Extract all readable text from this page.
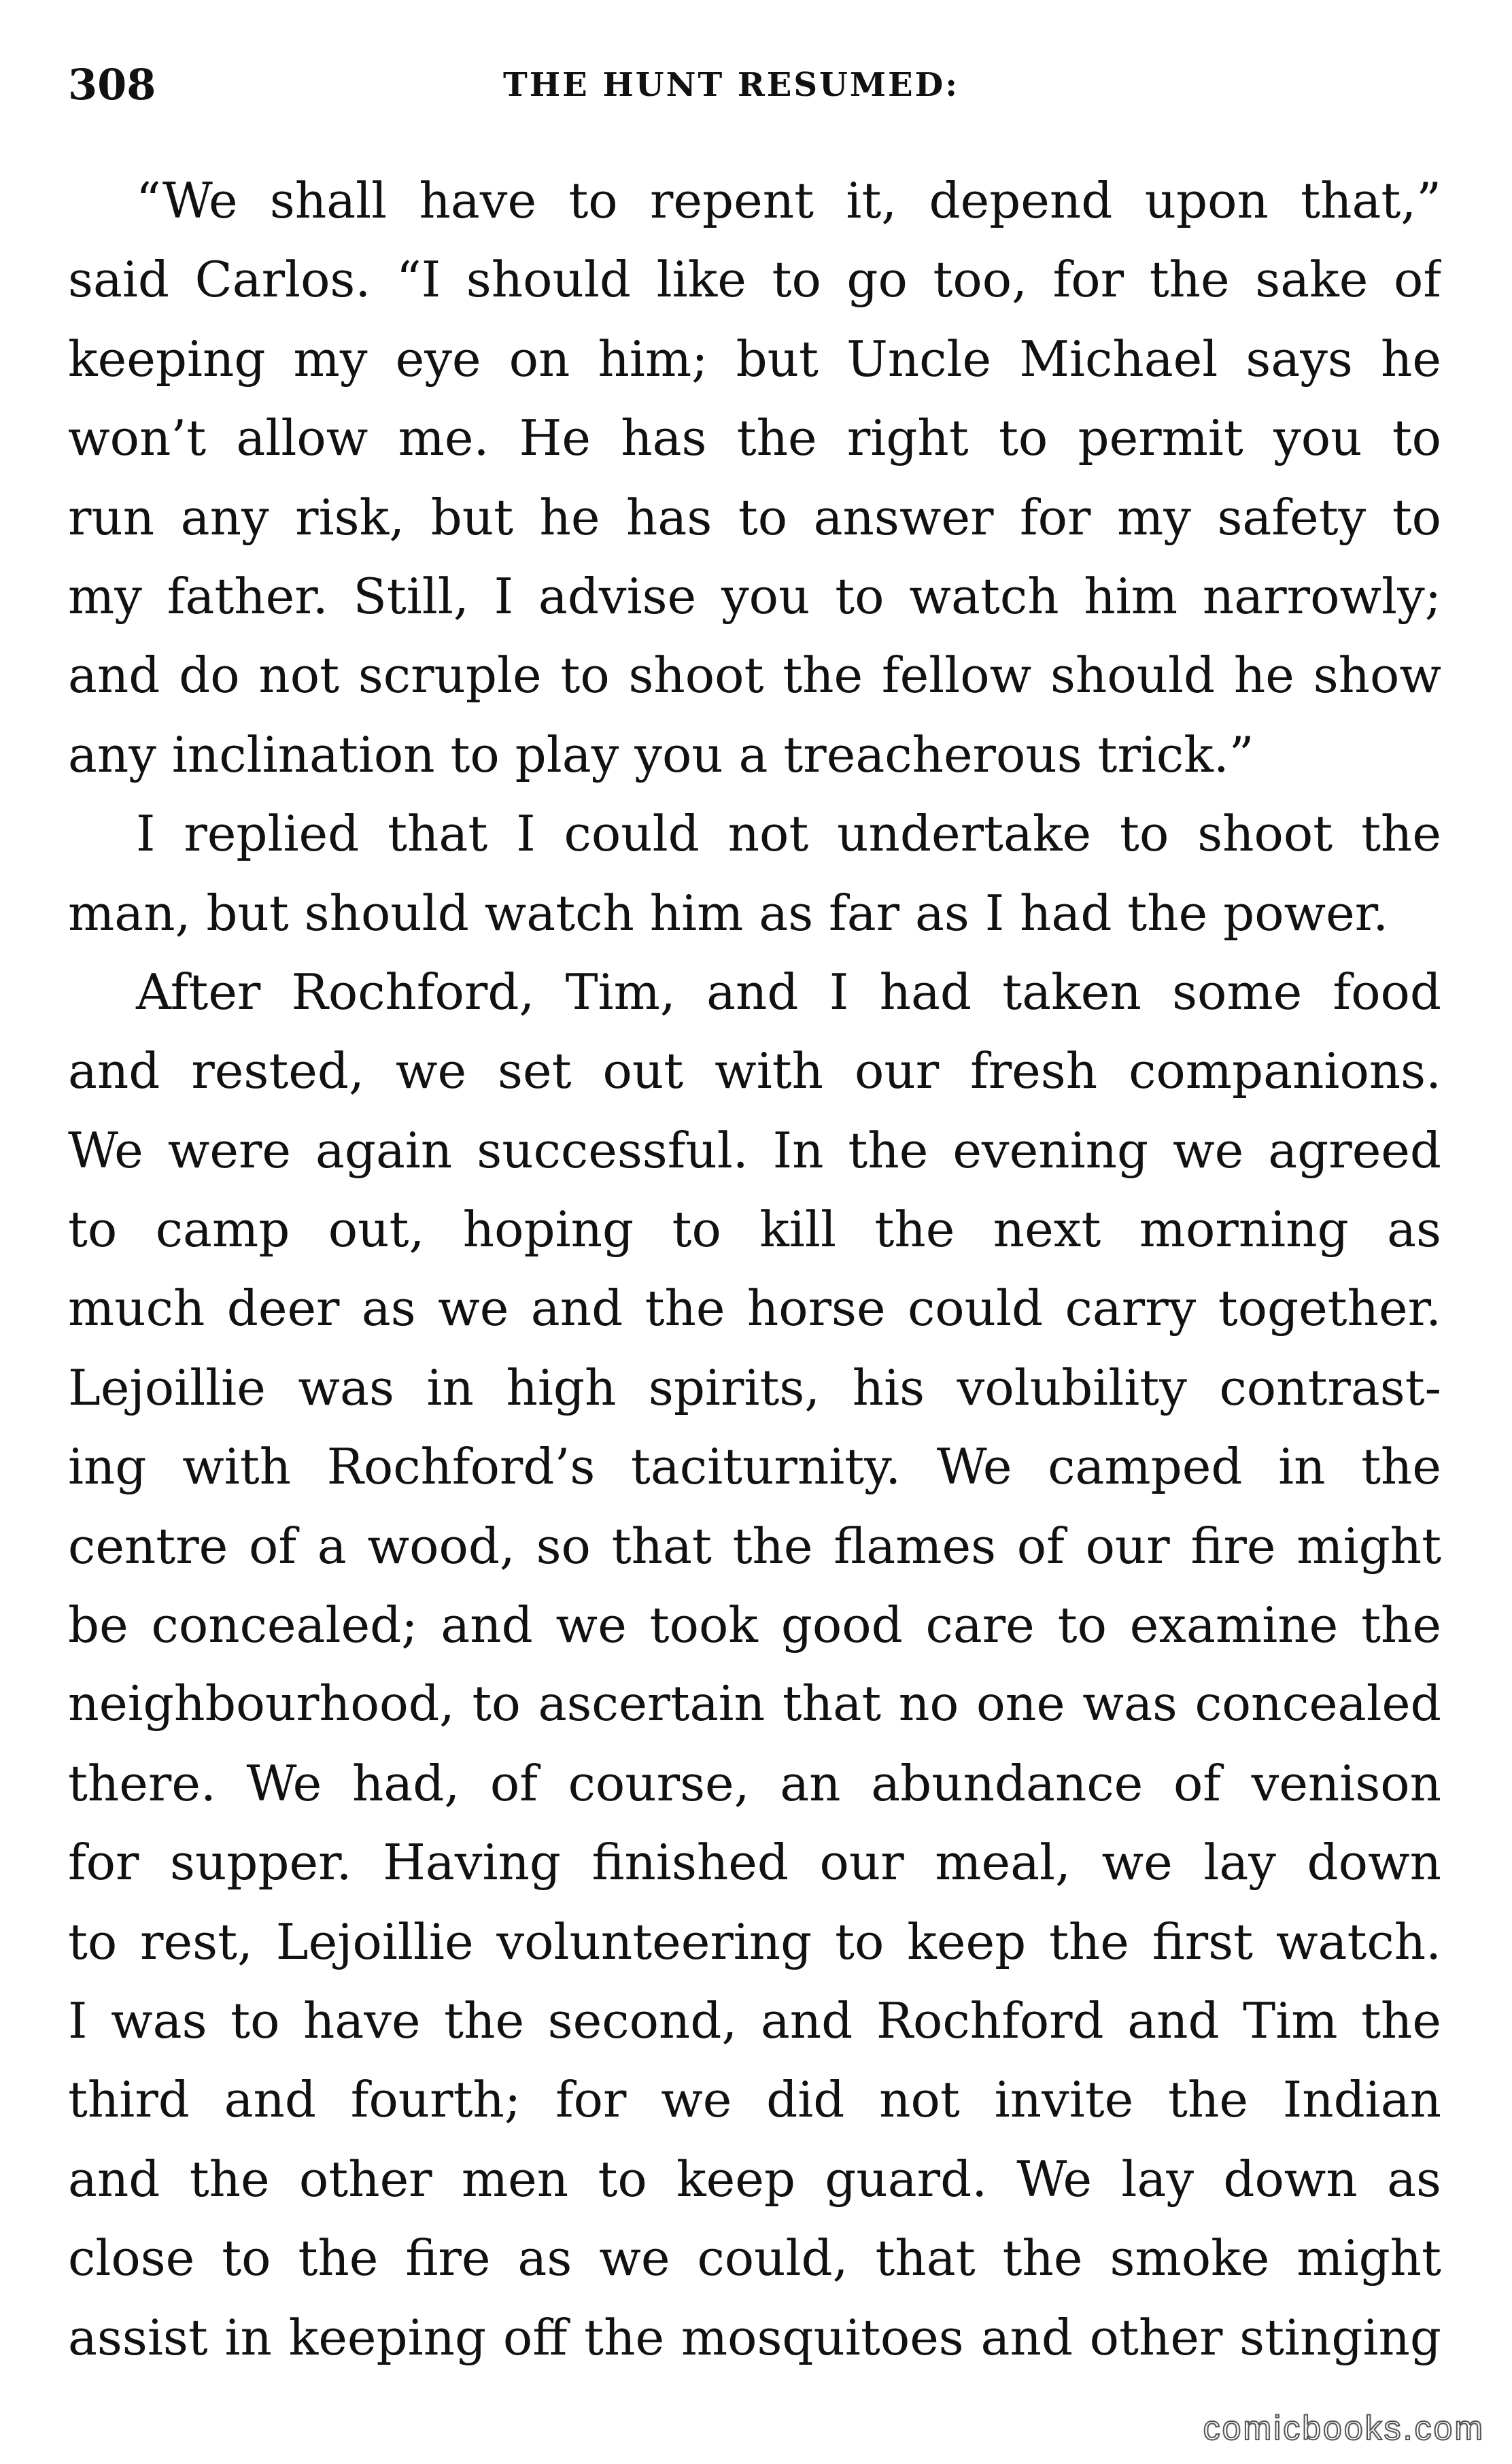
308	THE HUNT RESUMED:
“We shall have to repent it, depend upon that,”
said Carlos. “I should like to go too, for the sake of
keeping my eye on him; but Uncle Michael says he
won’t allow me. He has the right to permit you to
run any risk, but he has to answer for my safety to
my father. Still, I advise you to watch him narrowly;
and do not scruple to shoot the fellow should he show
any inclination to play you a treacherous trick.”
I replied that I could not undertake to shoot the
man, but should watch him as far as I had the power.
After Rochford, Tim, and I had taken some food
and rested, we set out with our fresh companions.
We were again successful. In the evening we agreed
to camp out, hoping to kill the next morning as
much deer as we and the horse could carry together.
Lejoillie was in high spirits, his volubility contrast-
ing with Rochford’s taciturnity. We camped in the
centre of a wood, so that the flames of our fire might
be concealed; and we took good care to examine the
neighbourhood, to ascertain that no one was concealed
there. We had, of course, an abundance of venison
for supper. Having finished our meal, we lay down
to rest, Lejoillie volunteering to keep the first watch.
I was to have the second, and Rochford and Tim the
third and fourth; for we did not invite the Indian
and the other men to keep guard. We lay down as
close to the fire as we could, that the smoke might
assist in keeping off the mosquitoes and other stinging
comicbooks.com
